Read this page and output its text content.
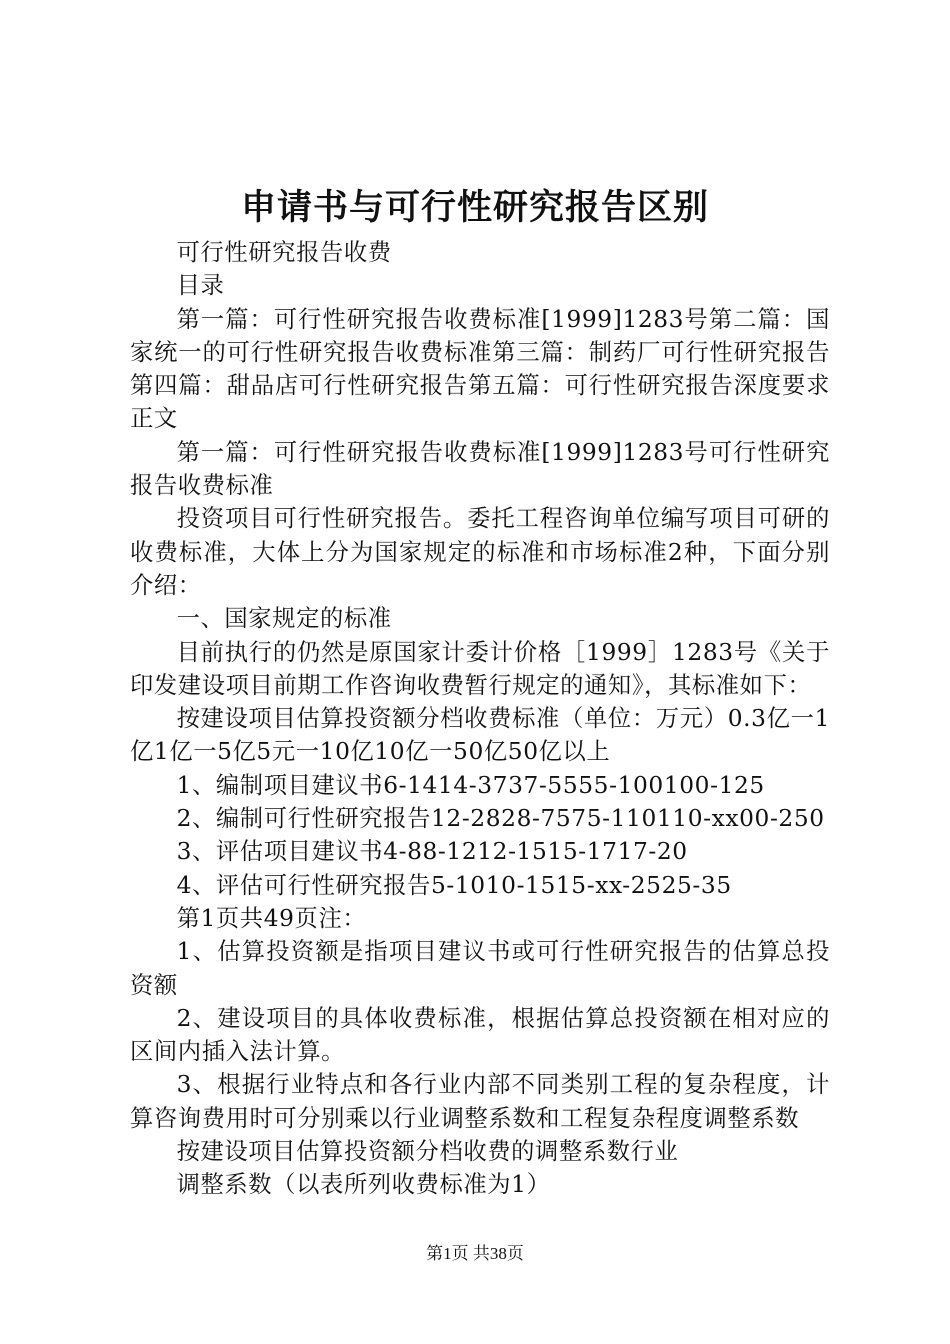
申请书与可行性研究报告区别

可行性研究报告收费

目录

第一篇：可行性研究报告收费标准[1999]1283号第二篇：国家统一的可行性研究报告收费标准第三篇：制药厂可行性研究报告第四篇：甜品店可行性研究报告第五篇：可行性研究报告深度要求正文

第一篇：可行性研究报告收费标准[1999]1283号可行性研究报告收费标准

投资项目可行性研究报告。委托工程咨询单位编写项目可研的收费标准，大体上分为国家规定的标准和市场标准2种，下面分别介绍：

一、国家规定的标准

目前执行的仍然是原国家计委计价格［1999］1283号《关于印发建设项目前期工作咨询收费暂行规定的通知》，其标准如下：

按建设项目估算投资额分档收费标准（单位：万元）0.3亿一1亿1亿一5亿5元一10亿10亿一50亿50亿以上

1、编制项目建议书6-1414-3737-5555-100100-125

2、编制可行性研究报告12-2828-7575-110110-xx00-250

3、评估项目建议书4-88-1212-1515-1717-20

4、评估可行性研究报告5-1010-1515-xx-2525-35

第1页共49页注：

1、估算投资额是指项目建议书或可行性研究报告的估算总投资额

2、建设项目的具体收费标准，根据估算总投资额在相对应的区间内插入法计算。

3、根据行业特点和各行业内部不同类别工程的复杂程度，计算咨询费用时可分别乘以行业调整系数和工程复杂程度调整系数

按建设项目估算投资额分档收费的调整系数行业

调整系数（以表所列收费标准为1）

第1页 共38页
